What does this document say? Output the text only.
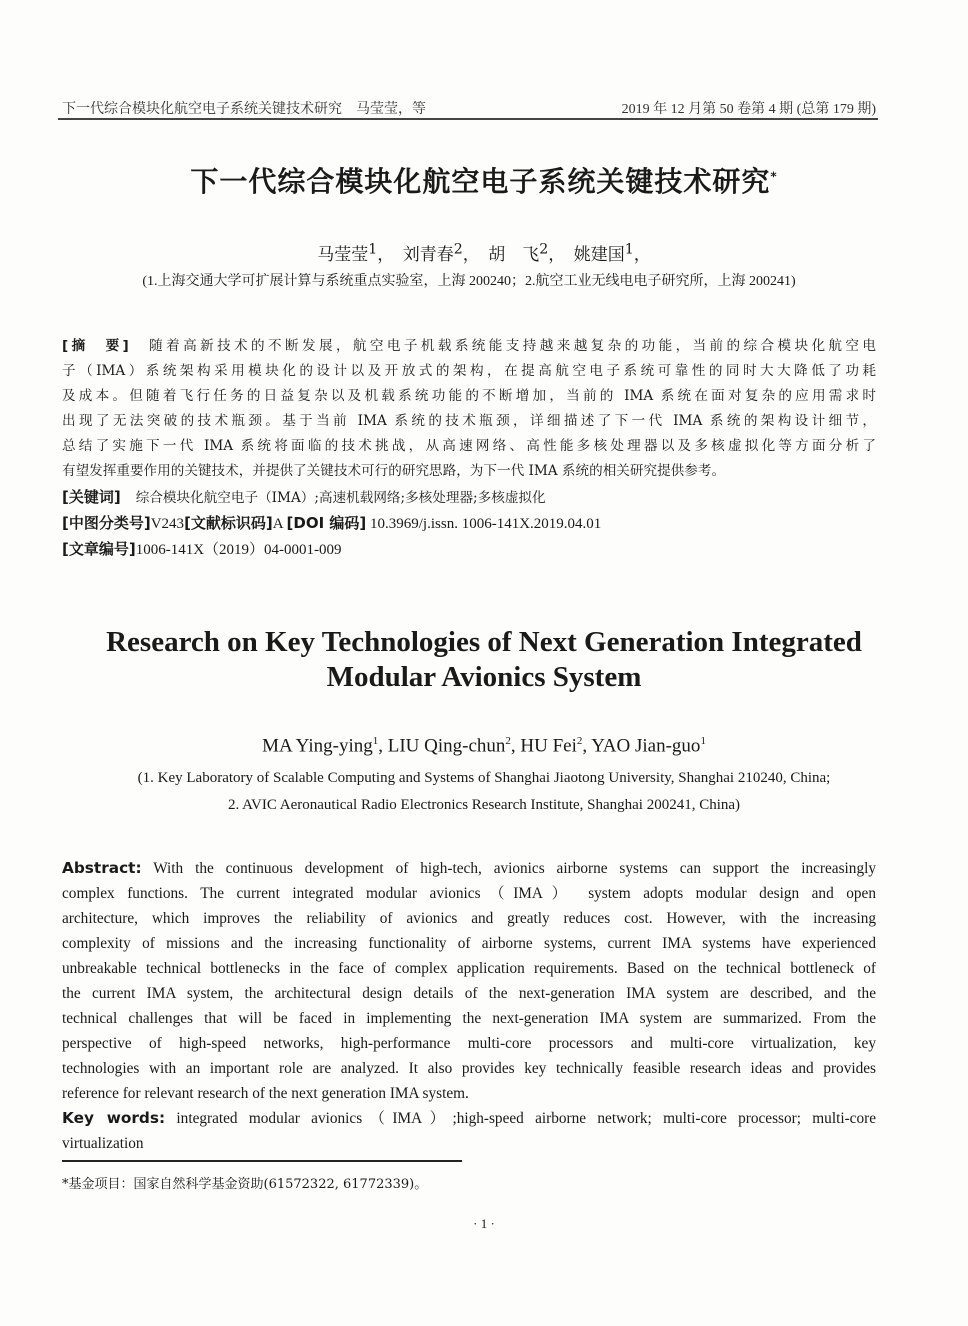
下一代综合模块化航空电子系统关键技术研究　马莹莹，等	2019 年 12 月第 50 卷第 4 期 (总第 179 期)
下一代综合模块化航空电子系统关键技术研究*
马莹莹$^1$，　刘青春$^2$，　胡　飞$^2$，　姚建国$^1$，
(1.上海交通大学可扩展计算与系统重点实验室，上海 200240；2.航空工业无线电电子研究所，上海 200241)
[摘　要]　 随着高新技术的不断发展，航空电子机载系统能支持越来越复杂的功能，当前的综合模块化航空电
子（IMA）系统架构采用模块化的设计以及开放式的架构，在提高航空电子系统可靠性的同时大大降低了功耗
及成本。但随着飞行任务的日益复杂以及机载系统功能的不断增加，当前的 IMA 系统在面对复杂的应用需求时
出现了无法突破的技术瓶颈。基于当前 IMA 系统的技术瓶颈，详细描述了下一代 IMA 系统的架构设计细节，
总结了实施下一代 IMA 系统将面临的技术挑战，从高速网络、高性能多核处理器以及多核虚拟化等方面分析了
有望发挥重要作用的关键技术，并提供了关键技术可行的研究思路，为下一代 IMA 系统的相关研究提供参考。
[关键词]　 综合模块化航空电子（IMA）;高速机载网络;多核处理器;多核虚拟化
[中图分类号]V243[文献标识码]A [DOI 编码] 10.3969/j.issn. 1006-141X.2019.04.01
[文章编号]1006-141X（2019）04-0001-009
Research on Key Technologies of Next Generation Integrated
Modular Avionics System
MA Ying-ying$^1$, LIU Qing-chun$^2$, HU Fei$^2$, YAO Jian-guo$^1$
(1. Key Laboratory of Scalable Computing and Systems of Shanghai Jiaotong University, Shanghai 210240, China;
2. AVIC Aeronautical Radio Electronics Research Institute, Shanghai 200241, China)
Abstract: With the continuous development of high-tech, avionics airborne systems can support the increasingly
complex functions. The current integrated modular avionics（IMA） system adopts modular design and open
architecture, which improves the reliability of avionics and greatly reduces cost. However, with the increasing
complexity of missions and the increasing functionality of airborne systems, current IMA systems have experienced
unbreakable technical bottlenecks in the face of complex application requirements. Based on the technical bottleneck of
the current IMA system, the architectural design details of the next-generation IMA system are described, and the
technical challenges that will be faced in implementing the next-generation IMA system are summarized. From the
perspective of high-speed networks, high-performance multi-core processors and multi-core virtualization, key
technologies with an important role are analyzed. It also provides key technically feasible research ideas and provides
reference for relevant research of the next generation IMA system.
Key words: integrated modular avionics（IMA）;high-speed airborne network; multi-core processor; multi-core
virtualization
*基金项目：国家自然科学基金资助(61572322, 61772339)。
· 1 ·
